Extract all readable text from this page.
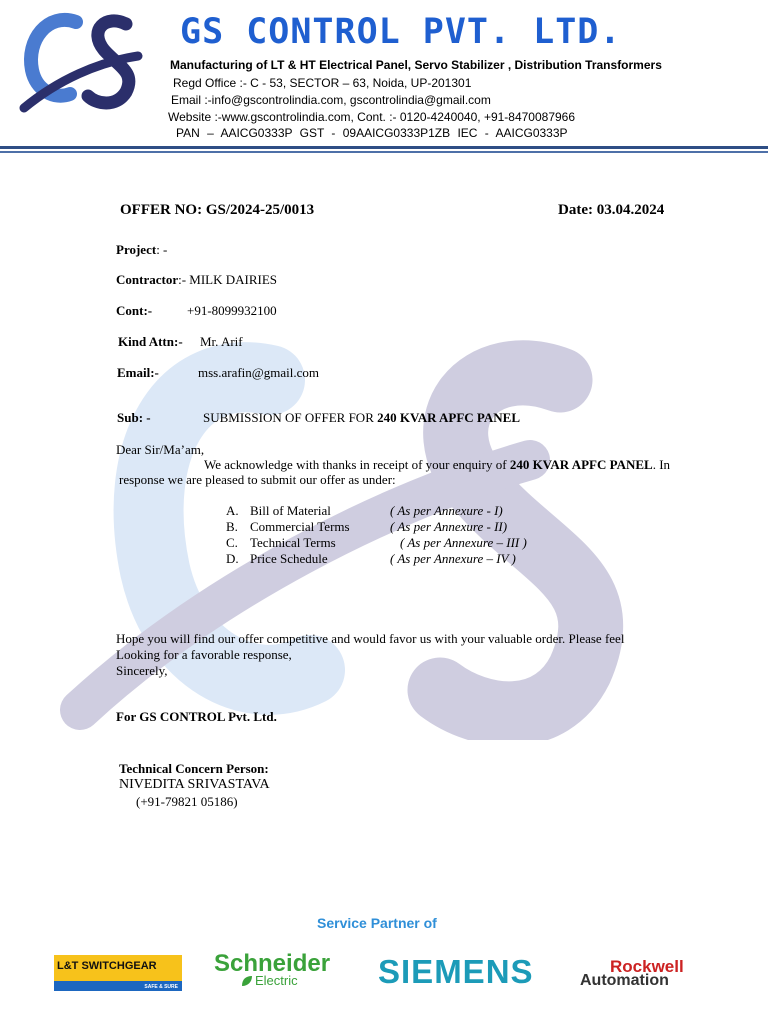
GS CONTROL PVT. LTD.
Manufacturing of LT & HT Electrical Panel, Servo Stabilizer , Distribution Transformers
Regd Office :- C - 53, SECTOR – 63, Noida, UP-201301
Email :-info@gscontrolindia.com, gscontrolindia@gmail.com
Website :-www.gscontrolindia.com, Cont. :- 0120-4240040, +91-8470087966
PAN – AAICG0333P GST - 09AAICG0333P1ZB IEC - AAICG0333P
OFFER NO: GS/2024-25/0013	Date: 03.04.2024
Project: -
Contractor:- MILK DAIRIES
Cont:-	+91-8099932100
Kind Attn:- Mr. Arif
Email:-	mss.arafin@gmail.com
Sub: -	SUBMISSION OF OFFER FOR 240 KVAR APFC PANEL
Dear Sir/Ma’am,
We acknowledge with thanks in receipt of your enquiry of 240 KVAR APFC PANEL. In
response we are pleased to submit our offer as under:
A. Bill of Material	( As per Annexure - I)
B. Commercial Terms	( As per Annexure - II)
C. Technical Terms	( As per Annexure – III )
D. Price Schedule	( As per Annexure – IV )
Hope you will find our offer competitive and would favor us with your valuable order. Please feel
Looking for a favorable response,
Sincerely,
For GS CONTROL Pvt. Ltd.
Technical Concern Person:
NIVEDITA SRIVASTAVA
(+91-79821 05186)
Service Partner of
L&T SWITCHGEAR
SAFE & SURE
Schneider
Electric SIEMENS	Rockwell
Automation
